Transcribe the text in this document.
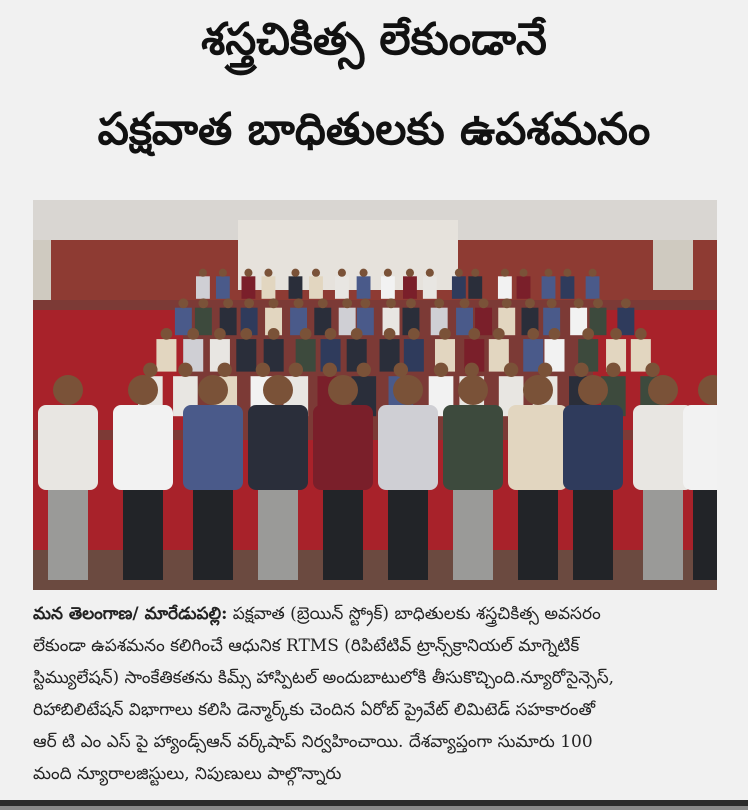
శస్త్రచికిత్స లేకుండానే
పక్షవాత బాధితులకు ఉపశమనం
మన తెలంగాణ/ మారేడుపల్లి: పక్షవాత (బ్రెయిన్ స్ట్రోక్) బాధితులకు శస్త్రచికిత్స అవసరం
లేకుండా ఉపశమనం కలిగించే ఆధునిక RTMS (రిపిటేటివ్ ట్రాన్స్‌క్రానియల్ మాగ్నెటిక్
స్టిమ్యులేషన్) సాంకేతికతను కిమ్స్ హాస్పిటల్ అందుబాటులోకి తీసుకొచ్చింది.న్యూరోసైన్సెస్,
రిహాబిలిటేషన్ విభాగాలు కలిసి డెన్మార్క్‌కు చెందిన ఏరోబ్ ప్రైవేట్ లిమిటెడ్ సహకారంతో
ఆర్ టి ఎం ఎస్ పై హ్యాండ్స్‌ఆన్ వర్క్‌షాప్ నిర్వహించాయి. దేశవ్యాప్తంగా సుమారు 100
మంది న్యూరాలజిస్టులు, నిపుణులు పాల్గొన్నారు
